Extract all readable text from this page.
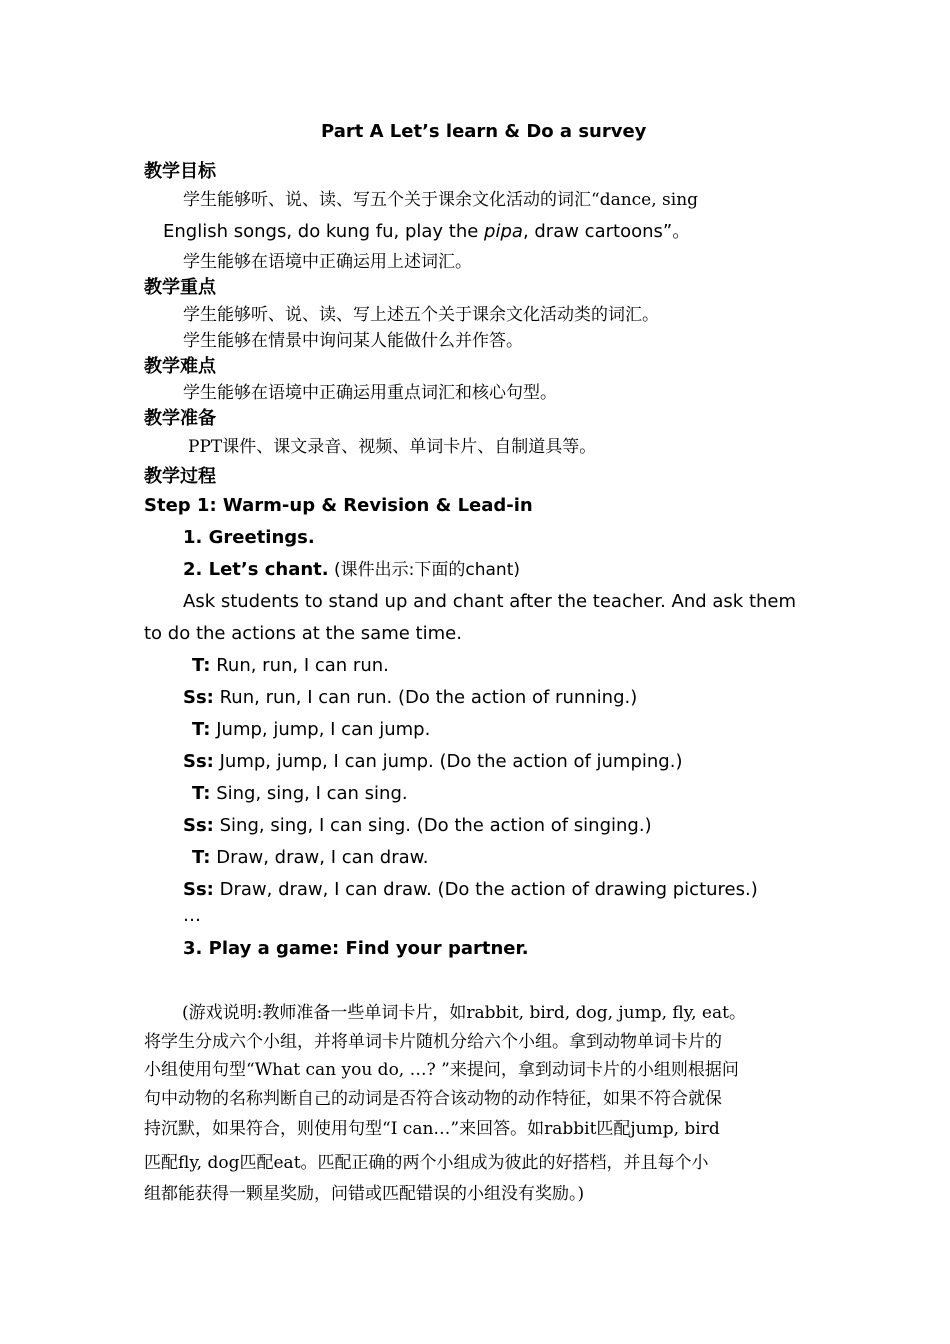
Part A Let’s learn & Do a survey
教学目标
学生能够听、说、读、写五个关于课余文化活动的词汇“dance, sing
English songs, do kung fu, play the pipa, draw cartoons”。
学生能够在语境中正确运用上述词汇。
教学重点
学生能够听、说、读、写上述五个关于课余文化活动类的词汇。
学生能够在情景中询问某人能做什么并作答。
教学难点
学生能够在语境中正确运用重点词汇和核心句型。
教学准备
PPT课件、课文录音、视频、单词卡片、自制道具等。
教学过程
Step 1: Warm-up & Revision & Lead-in
1. Greetings.
2. Let’s chant. (课件出示:下面的chant)
Ask students to stand up and chant after the teacher. And ask them
to do the actions at the same time.
T: Run, run, I can run.
Ss: Run, run, I can run. (Do the action of running.)
T: Jump, jump, I can jump.
Ss: Jump, jump, I can jump. (Do the action of jumping.)
T: Sing, sing, I can sing.
Ss: Sing, sing, I can sing. (Do the action of singing.)
T: Draw, draw, I can draw.
Ss: Draw, draw, I can draw. (Do the action of drawing pictures.)
…
3. Play a game: Find your partner.
(游戏说明:教师准备一些单词卡片，如rabbit, bird, dog, jump, fly, eat。
将学生分成六个小组，并将单词卡片随机分给六个小组。拿到动物单词卡片的
小组使用句型“What can you do, …? ”来提问，拿到动词卡片的小组则根据问
句中动物的名称判断自己的动词是否符合该动物的动作特征，如果不符合就保
持沉默，如果符合，则使用句型“I can…”来回答。如rabbit匹配jump, bird
匹配fly, dog匹配eat。匹配正确的两个小组成为彼此的好搭档，并且每个小
组都能获得一颗星奖励，问错或匹配错误的小组没有奖励。)
